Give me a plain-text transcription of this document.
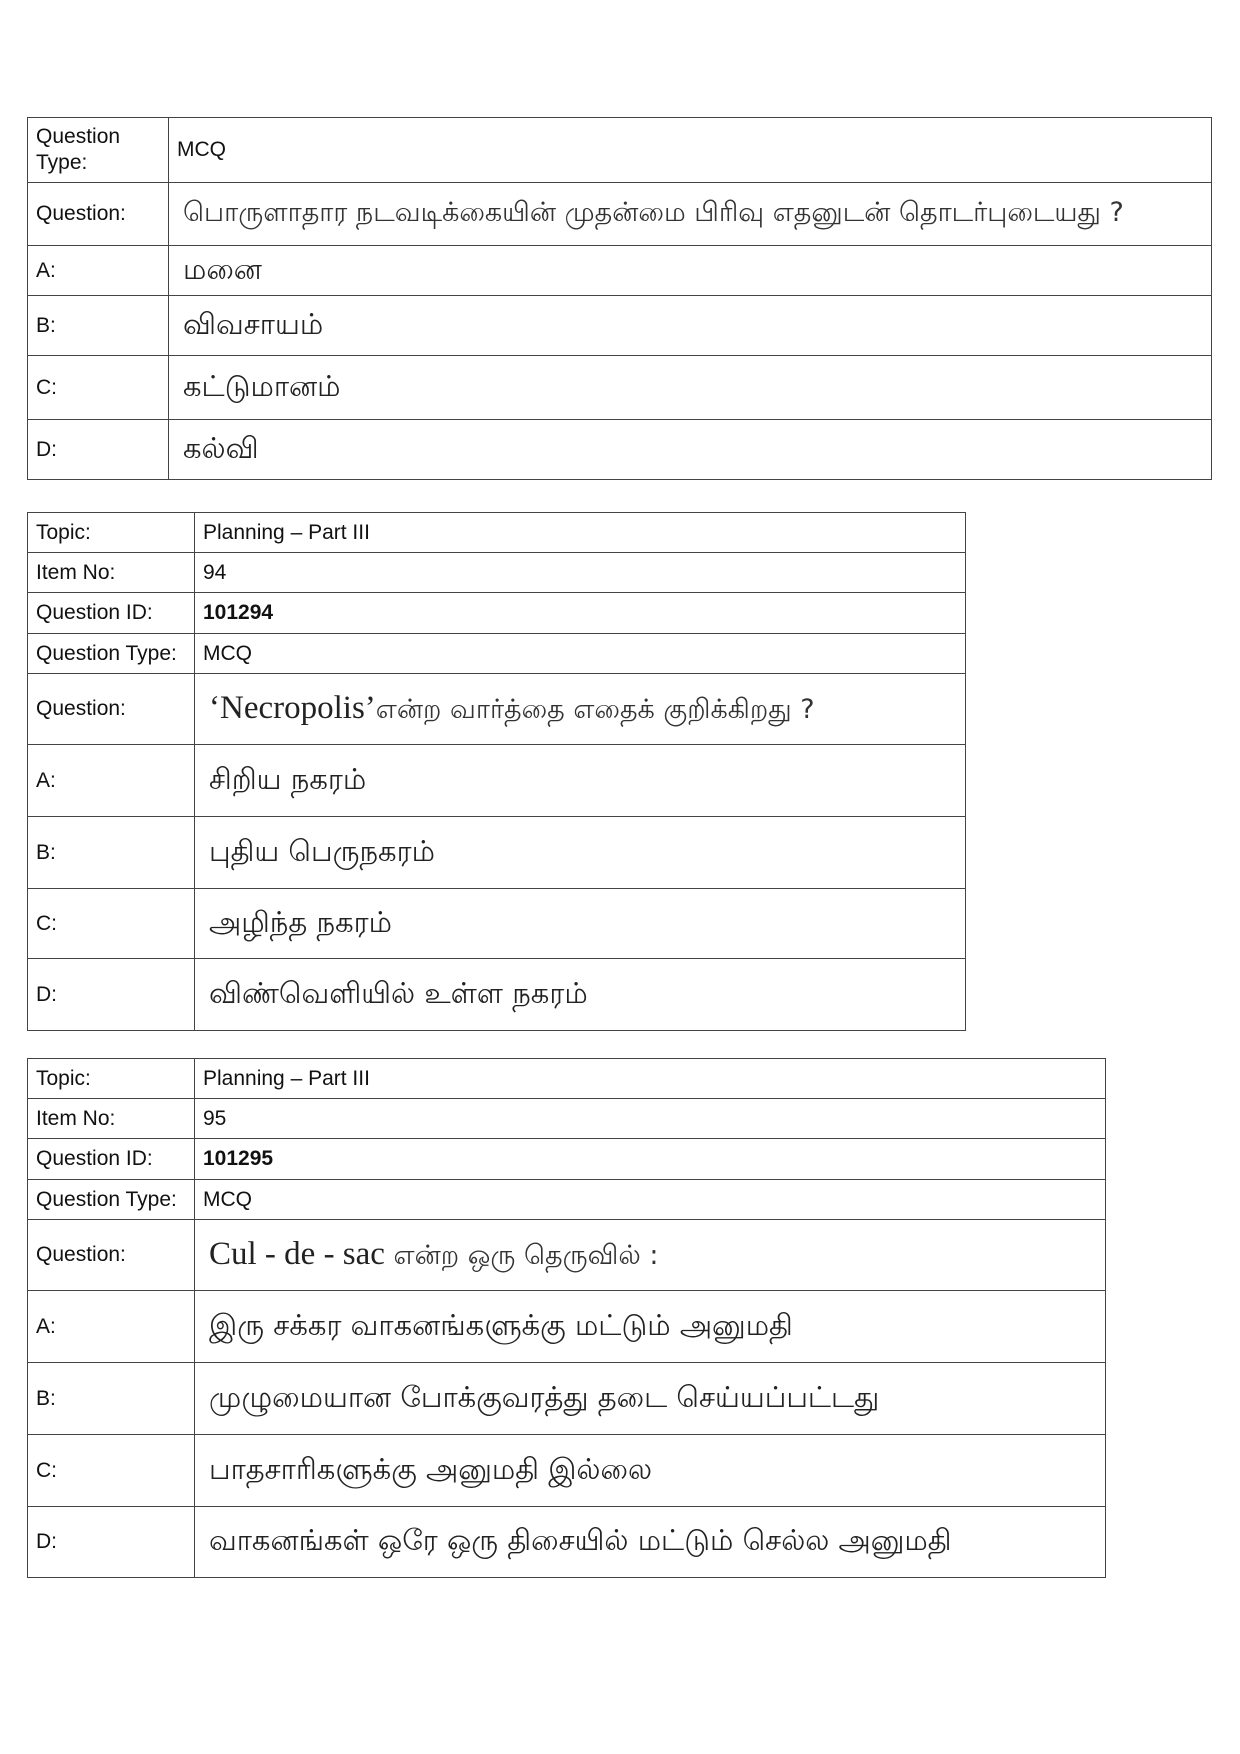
Question Type:	MCQ
Question:	பொருளாதார நடவடிக்கையின் முதன்மை பிரிவு எதனுடன் தொடர்புடையது ?
A:	மனை
B:	விவசாயம்
C:	கட்டுமானம்
D:	கல்வி
Topic:	Planning – Part III
Item No:	94
Question ID:	101294
Question Type:	MCQ
Question:	‘Necropolis’என்ற வார்த்தை எதைக் குறிக்கிறது ?
A:	சிறிய நகரம்
B:	புதிய பெருநகரம்
C:	அழிந்த நகரம்
D:	விண்வெளியில் உள்ள நகரம்
Topic:	Planning – Part III
Item No:	95
Question ID:	101295
Question Type:	MCQ
Question:	Cul - de - sac என்ற ஒரு தெருவில் :
A:	இரு சக்கர வாகனங்களுக்கு மட்டும் அனுமதி
B:	முழுமையான போக்குவரத்து தடை செய்யப்பட்டது
C:	பாதசாரிகளுக்கு அனுமதி இல்லை
D:	வாகனங்கள் ஒரே ஒரு திசையில் மட்டும் செல்ல அனுமதி
